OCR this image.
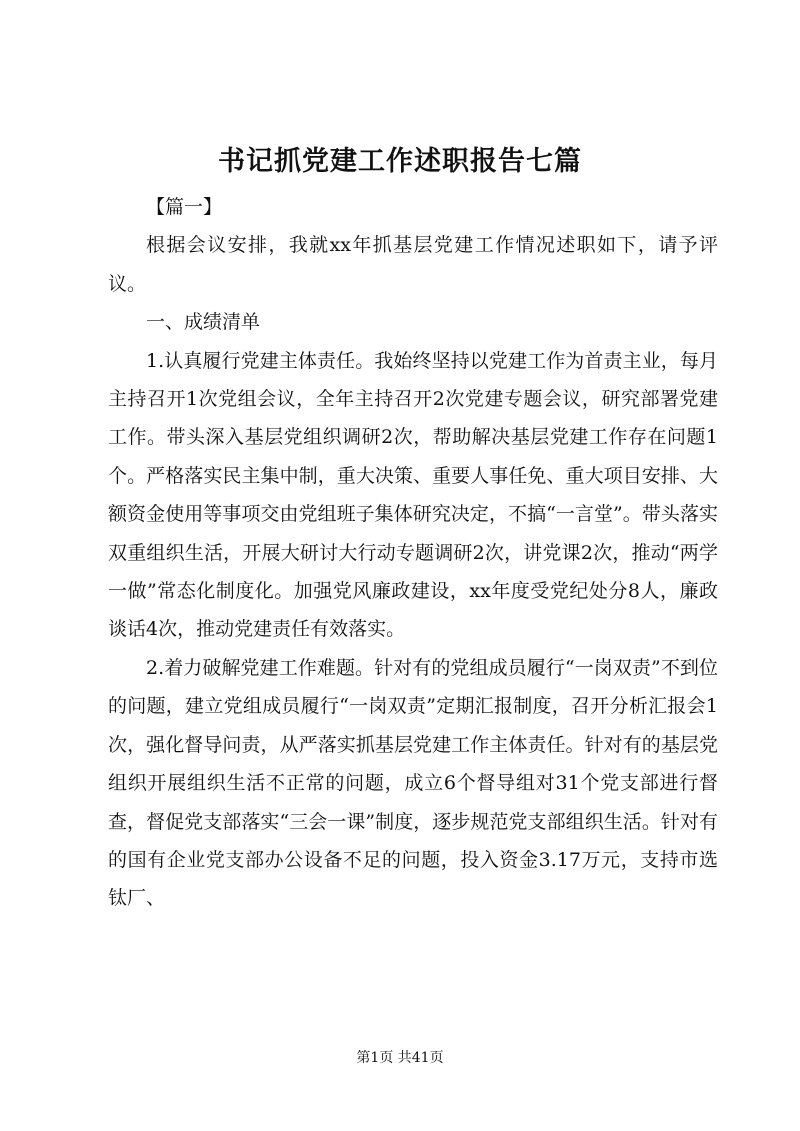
书记抓党建工作述职报告七篇

【篇一】

根据会议安排，我就xx年抓基层党建工作情况述职如下，请予评议。

一、成绩清单

1.认真履行党建主体责任。我始终坚持以党建工作为首责主业，每月主持召开1次党组会议，全年主持召开2次党建专题会议，研究部署党建工作。带头深入基层党组织调研2次，帮助解决基层党建工作存在问题1个。严格落实民主集中制，重大决策、重要人事任免、重大项目安排、大额资金使用等事项交由党组班子集体研究决定，不搞“一言堂”。带头落实双重组织生活，开展大研讨大行动专题调研2次，讲党课2次，推动“两学一做”常态化制度化。加强党风廉政建设，xx年度受党纪处分8人，廉政谈话4次，推动党建责任有效落实。

2.着力破解党建工作难题。针对有的党组成员履行“一岗双责”不到位的问题，建立党组成员履行“一岗双责”定期汇报制度，召开分析汇报会1次，强化督导问责，从严落实抓基层党建工作主体责任。针对有的基层党组织开展组织生活不正常的问题，成立6个督导组对31个党支部进行督查，督促党支部落实“三会一课”制度，逐步规范党支部组织生活。针对有的国有企业党支部办公设备不足的问题，投入资金3.17万元，支持市选钛厂、

第1页 共41页
